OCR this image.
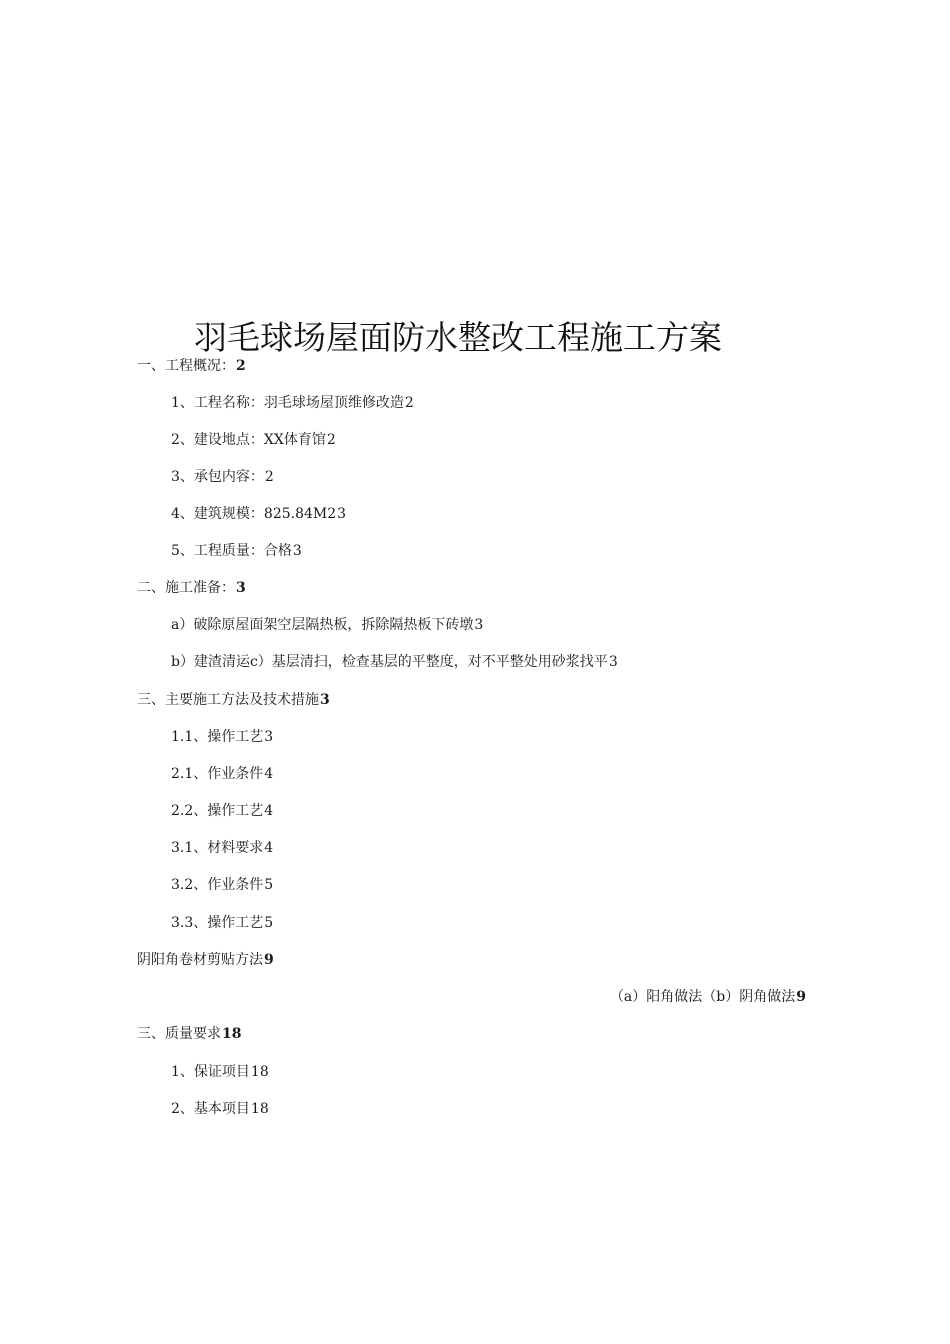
羽毛球场屋面防水整改工程施工方案
一、工程概况：2
1、工程名称：羽毛球场屋顶维修改造2
2、建设地点：XX体育馆2
3、承包内容：2
4、建筑规模：825.84M23
5、工程质量：合格3
二、施工准备：3
a）破除原屋面架空层隔热板，拆除隔热板下砖墩3
b）建渣清运c）基层清扫，检查基层的平整度，对不平整处用砂浆找平3
三、主要施工方法及技术措施3
1.1、操作工艺3
2.1、作业条件4
2.2、操作工艺4
3.1、材料要求4
3.2、作业条件5
3.3、操作工艺5
阴阳角卷材剪贴方法9
（a）阳角做法（b）阴角做法9
三、质量要求18
1、保证项目18
2、基本项目18
